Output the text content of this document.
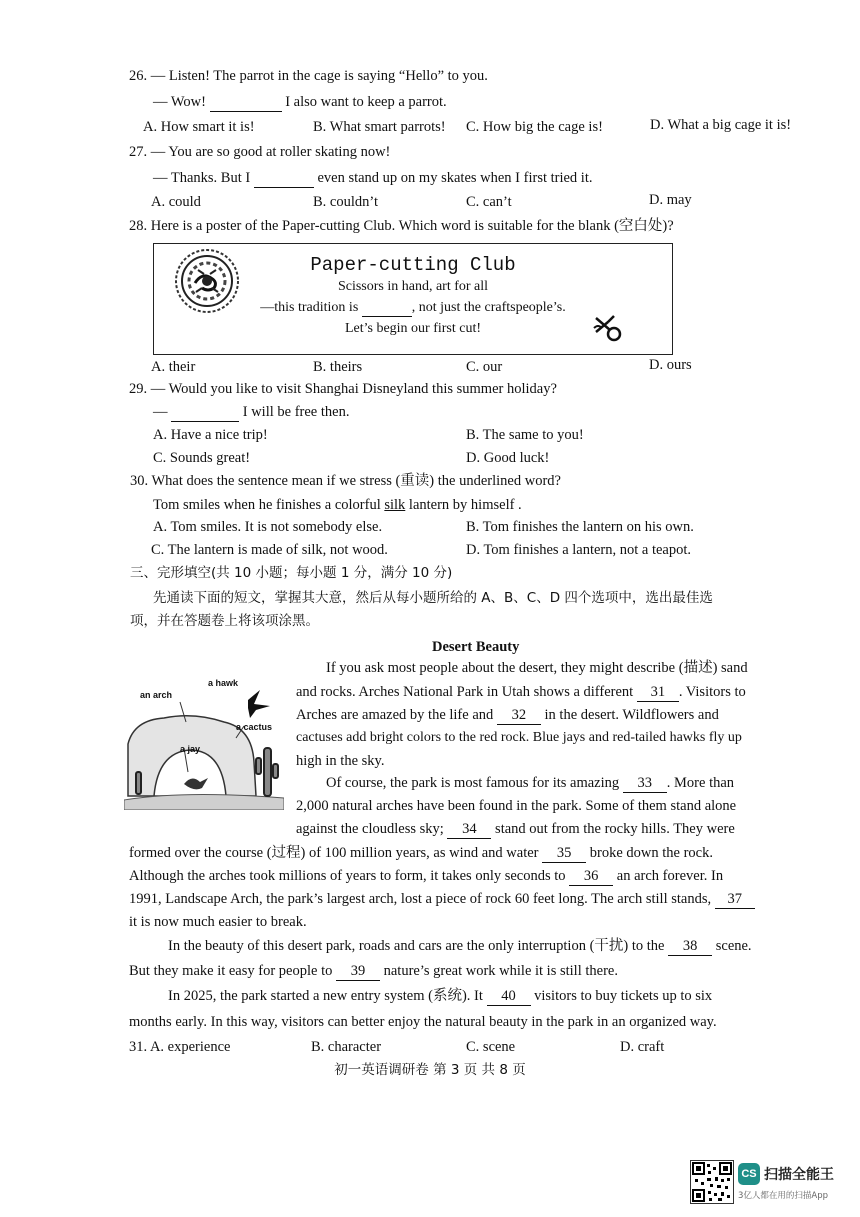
26. — Listen! The parrot in the cage is saying “Hello” to you.
— Wow!	I also want to keep a parrot.
A. How smart it is!	B. What smart parrots! C. How big the cage is!	D. What a big cage it is!
27. — You are so good at roller skating now!
— Thanks. But I	even stand up on my skates when I first tried it.
A. could	B. couldn’t	C. can’t	D. may
28. Here is a poster of the Paper-cutting Club. Which word is suitable for the blank (空白处)?
Paper-cutting Club
Scissors in hand, art for all
—this tradition is	, not just the craftspeople’s.
Let’s begin our first cut!
A. their	B. theirs	C. our	D. ours
29. — Would you like to visit Shanghai Disneyland this summer holiday?
—	I will be free then.
A. Have a nice trip!	B. The same to you!
C. Sounds great!	D. Good luck!
30. What does the sentence mean if we stress (重读) the underlined word?
Tom smiles when he finishes a colorful silk lantern by himself .
A. Tom smiles. It is not somebody else.	B. Tom finishes the lantern on his own.
C. The lantern is made of silk, not wood.	D. Tom finishes a lantern, not a teapot.
三、完形填空(共 10 小题；每小题 1 分，满分 10 分)
先通读下面的短文，掌握其大意，然后从每小题所给的 A、B、C、D 四个选项中，选出最佳选
项，并在答题卷上将该项涂黑。
Desert Beauty
an arch
a hawk
a cactus
a jay
If you ask most people about the desert, they might describe (描述) sand
and rocks. Arches National Park in Utah shows a different 31 . Visitors to
Arches are amazed by the life and 32 in the desert. Wildflowers and
cactuses add bright colors to the red rock. Blue jays and red-tailed hawks fly up
high in the sky.
Of course, the park is most famous for its amazing 33 . More than
2,000 natural arches have been found in the park. Some of them stand alone
against the cloudless sky; 34 stand out from the rocky hills. They were
formed over the course (过程) of 100 million years, as wind and water 35 broke down the rock.
Although the arches took millions of years to form, it takes only seconds to 36 an arch forever. In
1991, Landscape Arch, the park’s largest arch, lost a piece of rock 60 feet long. The arch still stands, 37
it is now much easier to break.
In the beauty of this desert park, roads and cars are the only interruption (干扰) to the 38 scene.
But they make it easy for people to 39 nature’s great work while it is still there.
In 2025, the park started a new entry system (系统). It 40 visitors to buy tickets up to six
months early. In this way, visitors can better enjoy the natural beauty in the park in an organized way.
31. A. experience	B. character	C. scene	D. craft
初一英语调研卷 第 3 页 共 8 页
CS 扫描全能王
3亿人都在用的扫描App
